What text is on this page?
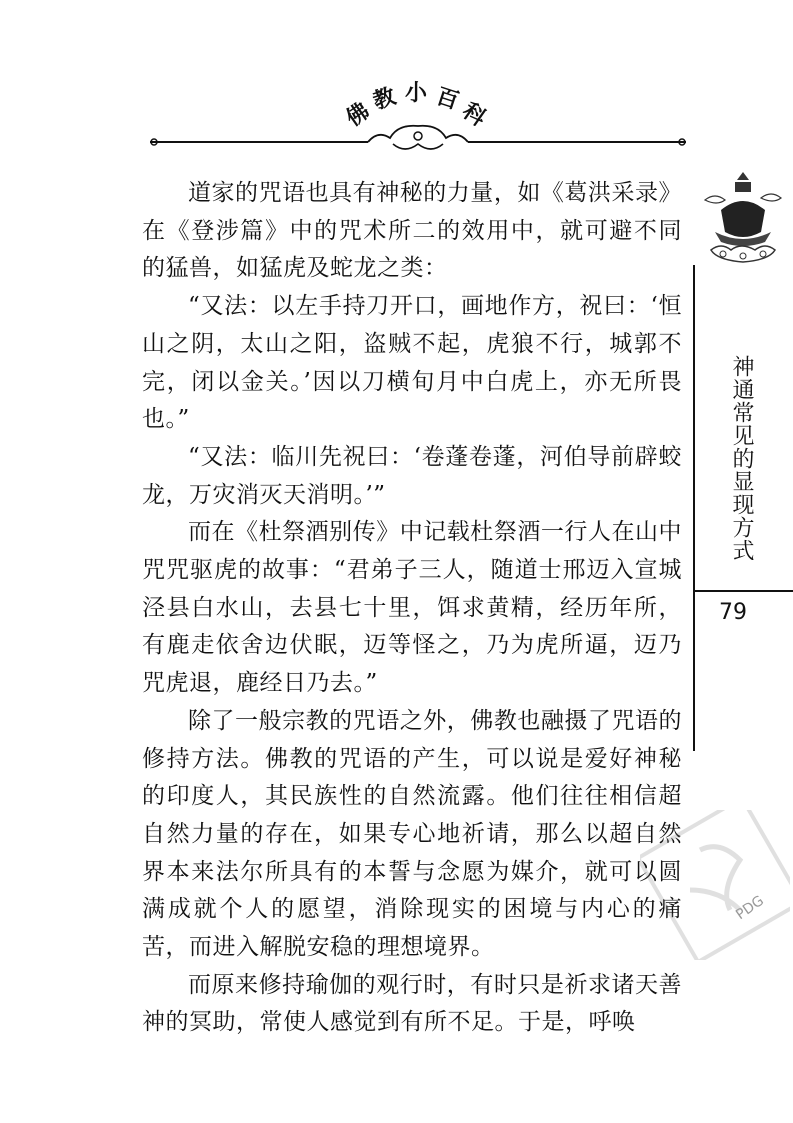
佛
教 小 百
科

道家的咒语也具有神秘的力量，如《葛洪采录》在《登涉篇》中的咒术所二的效用中，就可避不同的猛兽，如猛虎及蛇龙之类：

“又法：以左手持刀开口，画地作方，祝曰：‘恒山之阴，太山之阳，盗贼不起，虎狼不行，城郭不完，闭以金关。’因以刀横旬月中白虎上，亦无所畏也。”

“又法：临川先祝曰：‘卷蓬卷蓬，河伯导前辟蛟龙，万灾消灭天消明。’”

而在《杜祭酒别传》中记载杜祭酒一行人在山中咒咒驱虎的故事：“君弟子三人，随道士邢迈入宣城泾县白水山，去县七十里，饵求黄精，经历年所，有鹿走依舍边伏眠，迈等怪之，乃为虎所逼，迈乃咒虎退，鹿经日乃去。”

除了一般宗教的咒语之外，佛教也融摄了咒语的修持方法。佛教的咒语的产生，可以说是爱好神秘的印度人，其民族性的自然流露。他们往往相信超自然力量的存在，如果专心地祈请，那么以超自然界本来法尔所具有的本誓与念愿为媒介，就可以圆满成就个人的愿望，消除现实的困境与内心的痛苦，而进入解脱安稳的理想境界。

而原来修持瑜伽的观行时，有时只是祈求诸天善神的冥助，常使人感觉到有所不足。于是，呼唤

神通常见的显现方式
79
PDG
